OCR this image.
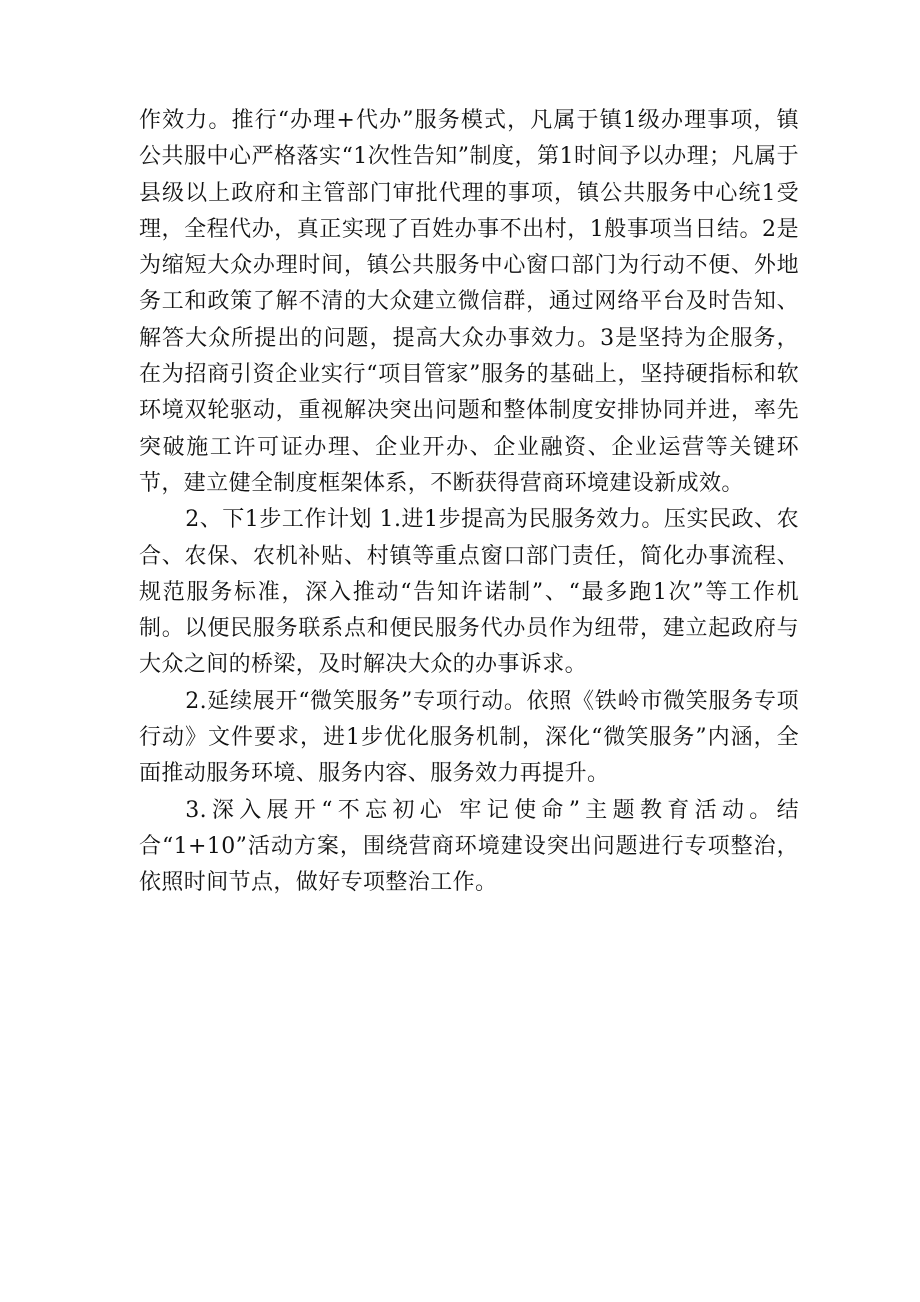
作效力。推行“办理+代办”服务模式，凡属于镇1级办理事项，镇公共服中心严格落实“1次性告知”制度，第1时间予以办理；凡属于县级以上政府和主管部门审批代理的事项，镇公共服务中心统1受理，全程代办，真正实现了百姓办事不出村，1般事项当日结。2是为缩短大众办理时间，镇公共服务中心窗口部门为行动不便、外地务工和政策了解不清的大众建立微信群，通过网络平台及时告知、解答大众所提出的问题，提高大众办事效力。3是坚持为企服务，在为招商引资企业实行“项目管家”服务的基础上，坚持硬指标和软环境双轮驱动，重视解决突出问题和整体制度安排协同并进，率先突破施工许可证办理、企业开办、企业融资、企业运营等关键环节，建立健全制度框架体系，不断获得营商环境建设新成效。

2、下1步工作计划 1.进1步提高为民服务效力。压实民政、农合、农保、农机补贴、村镇等重点窗口部门责任，简化办事流程、规范服务标准，深入推动“告知许诺制”、“最多跑1次”等工作机制。以便民服务联系点和便民服务代办员作为纽带，建立起政府与大众之间的桥梁，及时解决大众的办事诉求。

2.延续展开“微笑服务”专项行动。依照《铁岭市微笑服务专项行动》文件要求，进1步优化服务机制，深化“微笑服务”内涵，全面推动服务环境、服务内容、服务效力再提升。

3.深入展开“不忘初心 牢记使命”主题教育活动。结合“1+10”活动方案，围绕营商环境建设突出问题进行专项整治，依照时间节点，做好专项整治工作。
